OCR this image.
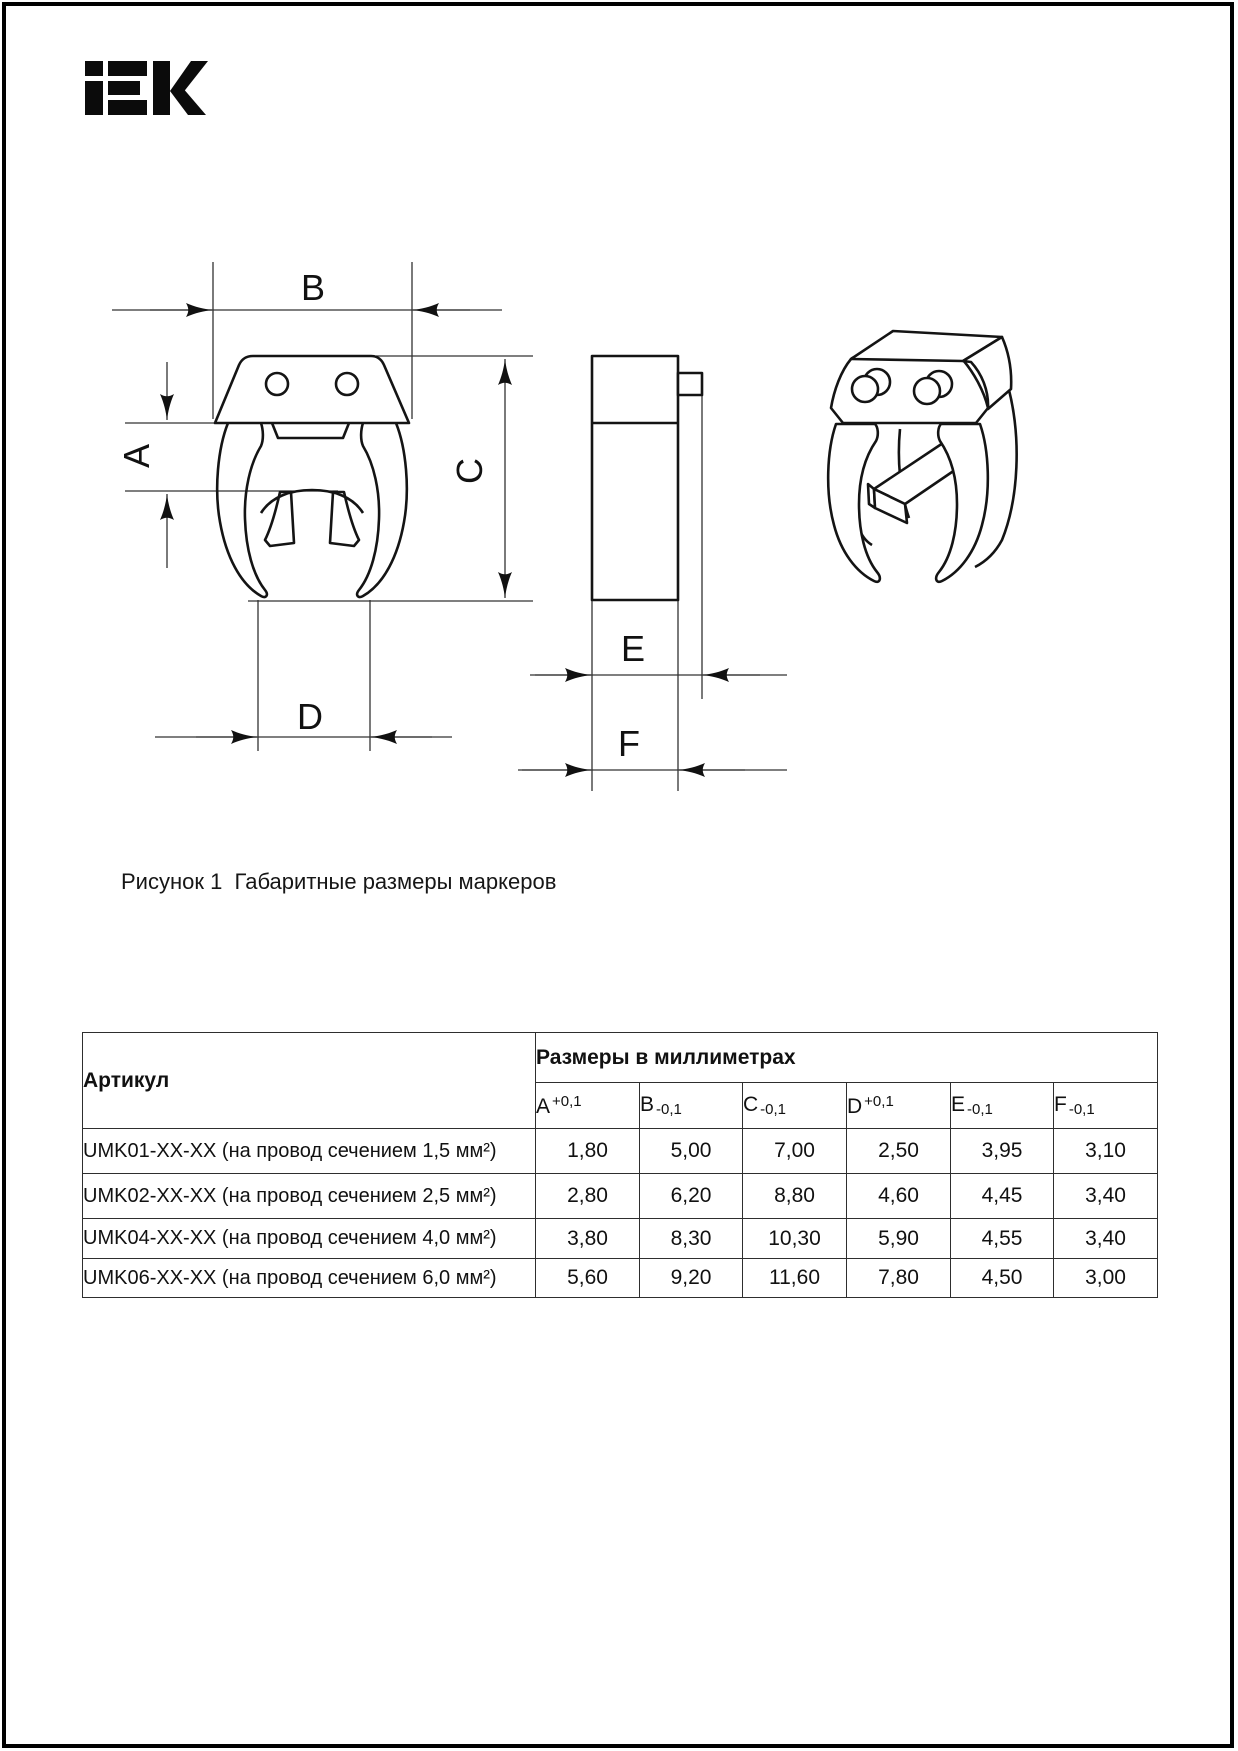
B
A
C
D
E
F
Рисунок 1  Габаритные размеры маркеров
Артикул	Размеры в миллиметрах					
	A $^{+0,1}$	B $_{-0,1}$	C $_{-0,1}$	D $^{+0,1}$	E $_{-0,1}$	F $_{-0,1}$
UMK01-XX-XX (на провод сечением 1,5 мм²)	1,80	5,00	7,00	2,50	3,95	3,10
UMK02-XX-XX (на провод сечением 2,5 мм²)	2,80	6,20	8,80	4,60	4,45	3,40
UMK04-XX-XX (на провод сечением 4,0 мм²)	3,80	8,30	10,30	5,90	4,55	3,40
UMK06-XX-XX (на провод сечением 6,0 мм²)	5,60	9,20	11,60	7,80	4,50	3,00
